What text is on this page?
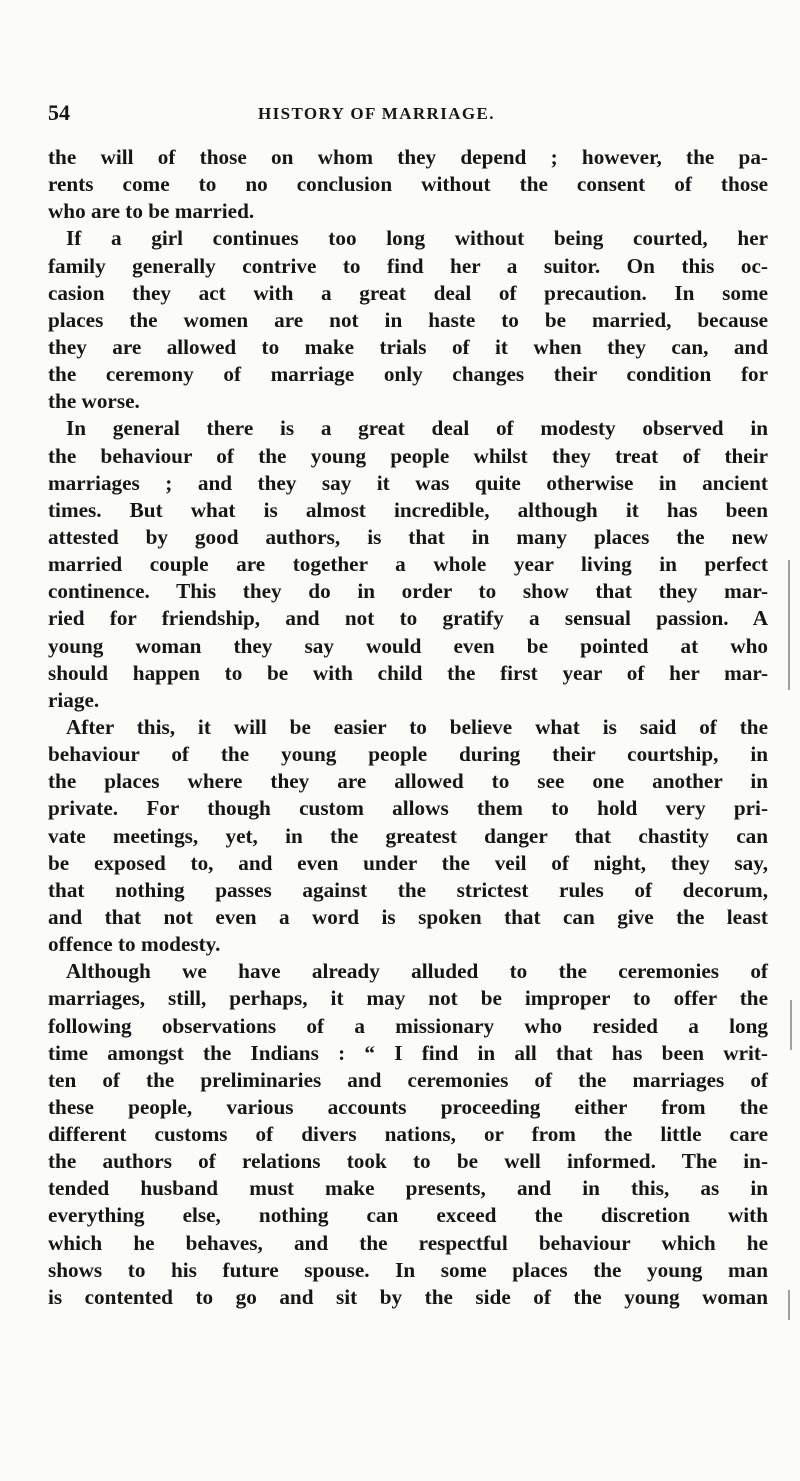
54	HISTORY OF MARRIAGE.
the will of those on whom they depend ; however, the pa-
rents come to no conclusion without the consent of those
who are to be married.
If a girl continues too long without being courted, her
family generally contrive to find her a suitor. On this oc-
casion they act with a great deal of precaution. In some
places the women are not in haste to be married, because
they are allowed to make trials of it when they can, and
the ceremony of marriage only changes their condition for
the worse.
In general there is a great deal of modesty observed in
the behaviour of the young people whilst they treat of their
marriages ; and they say it was quite otherwise in ancient
times. But what is almost incredible, although it has been
attested by good authors, is that in many places the new
married couple are together a whole year living in perfect
continence. This they do in order to show that they mar-
ried for friendship, and not to gratify a sensual passion. A
young woman they say would even be pointed at who
should happen to be with child the first year of her mar-
riage.
After this, it will be easier to believe what is said of the
behaviour of the young people during their courtship, in
the places where they are allowed to see one another in
private. For though custom allows them to hold very pri-
vate meetings, yet, in the greatest danger that chastity can
be exposed to, and even under the veil of night, they say,
that nothing passes against the strictest rules of decorum,
and that not even a word is spoken that can give the least
offence to modesty.
Although we have already alluded to the ceremonies of
marriages, still, perhaps, it may not be improper to offer the
following observations of a missionary who resided a long
time amongst the Indians : “ I find in all that has been writ-
ten of the preliminaries and ceremonies of the marriages of
these people, various accounts proceeding either from the
different customs of divers nations, or from the little care
the authors of relations took to be well informed. The in-
tended husband must make presents, and in this, as in
everything else, nothing can exceed the discretion with
which he behaves, and the respectful behaviour which he
shows to his future spouse. In some places the young man
is contented to go and sit by the side of the young woman
